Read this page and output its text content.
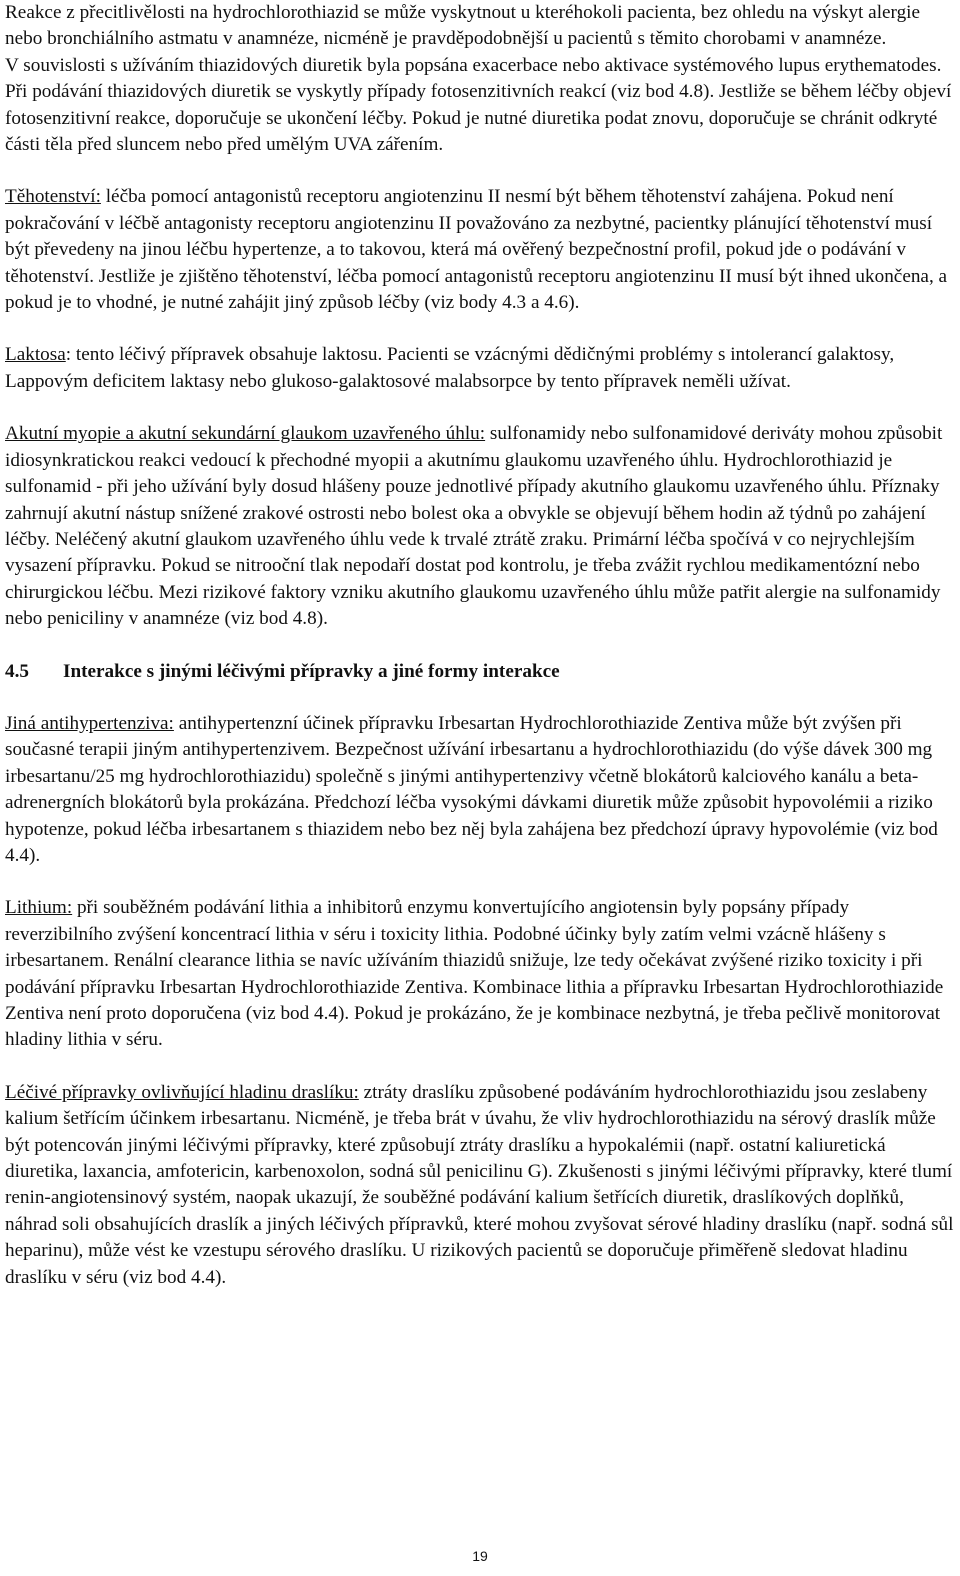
Reakce z přecitlivělosti na hydrochlorothiazid se může vyskytnout u kteréhokoli pacienta, bez ohledu na výskyt alergie nebo bronchiálního astmatu v anamnéze, nicméně je pravděpodobnější u pacientů s těmito chorobami v anamnéze.

V souvislosti s užíváním thiazidových diuretik byla popsána exacerbace nebo aktivace systémového lupus erythematodes.

Při podávání thiazidových diuretik se vyskytly případy fotosenzitivních reakcí (viz bod 4.8). Jestliže se během léčby objeví fotosenzitivní reakce, doporučuje se ukončení léčby. Pokud je nutné diuretika podat znovu, doporučuje se chránit odkryté části těla před sluncem nebo před umělým UVA zářením.

Těhotenství: léčba pomocí antagonistů receptoru angiotenzinu II nesmí být během těhotenství zahájena. Pokud není pokračování v léčbě antagonisty receptoru angiotenzinu II považováno za nezbytné, pacientky plánující těhotenství musí být převedeny na jinou léčbu hypertenze, a to takovou, která má ověřený bezpečnostní profil, pokud jde o podávání v těhotenství. Jestliže je zjištěno těhotenství, léčba pomocí antagonistů receptoru angiotenzinu II musí být ihned ukončena, a pokud je to vhodné, je nutné zahájit jiný způsob léčby (viz body 4.3 a 4.6).

Laktosa: tento léčivý přípravek obsahuje laktosu. Pacienti se vzácnými dědičnými problémy s intolerancí galaktosy, Lappovým deficitem laktasy nebo glukoso-galaktosové malabsorpce by tento přípravek neměli užívat.

Akutní myopie a akutní sekundární glaukom uzavřeného úhlu: sulfonamidy nebo sulfonamidové deriváty mohou způsobit idiosynkratickou reakci vedoucí k přechodné myopii a akutnímu glaukomu uzavřeného úhlu. Hydrochlorothiazid je sulfonamid - při jeho užívání byly dosud hlášeny pouze jednotlivé případy akutního glaukomu uzavřeného úhlu. Příznaky zahrnují akutní nástup snížené zrakové ostrosti nebo bolest oka a obvykle se objevují během hodin až týdnů po zahájení léčby. Neléčený akutní glaukom uzavřeného úhlu vede k trvalé ztrátě zraku. Primární léčba spočívá v co nejrychlejším vysazení přípravku. Pokud se nitrooční tlak nepodaří dostat pod kontrolu, je třeba zvážit rychlou medikamentózní nebo chirurgickou léčbu. Mezi rizikové faktory vzniku akutního glaukomu uzavřeného úhlu může patřit alergie na sulfonamidy nebo peniciliny v anamnéze (viz bod 4.8).

4.5 Interakce s jinými léčivými přípravky a jiné formy interakce

Jiná antihypertenziva: antihypertenzní účinek přípravku Irbesartan Hydrochlorothiazide Zentiva může být zvýšen při současné terapii jiným antihypertenzivem. Bezpečnost užívání irbesartanu a hydrochlorothiazidu (do výše dávek 300 mg irbesartanu/25 mg hydrochlorothiazidu) společně s jinými antihypertenzivy včetně blokátorů kalciového kanálu a beta-adrenergních blokátorů byla prokázána. Předchozí léčba vysokými dávkami diuretik může způsobit hypovolémii a riziko hypotenze, pokud léčba irbesartanem s thiazidem nebo bez něj byla zahájena bez předchozí úpravy hypovolémie (viz bod 4.4).

Lithium: při souběžném podávání lithia a inhibitorů enzymu konvertujícího angiotensin byly popsány případy reverzibilního zvýšení koncentrací lithia v séru i toxicity lithia. Podobné účinky byly zatím velmi vzácně hlášeny s irbesartanem. Renální clearance lithia se navíc užíváním thiazidů snižuje, lze tedy očekávat zvýšené riziko toxicity i při podávání přípravku Irbesartan Hydrochlorothiazide Zentiva. Kombinace lithia a přípravku Irbesartan Hydrochlorothiazide Zentiva není proto doporučena (viz bod 4.4). Pokud je prokázáno, že je kombinace nezbytná, je třeba pečlivě monitorovat hladiny lithia v séru.

Léčivé přípravky ovlivňující hladinu draslíku: ztráty draslíku způsobené podáváním hydrochlorothiazidu jsou zeslabeny kalium šetřícím účinkem irbesartanu. Nicméně, je třeba brát v úvahu, že vliv hydrochlorothiazidu na sérový draslík může být potencován jinými léčivými přípravky, které způsobují ztráty draslíku a hypokalémii (např. ostatní kaliuretická diuretika, laxancia, amfotericin, karbenoxolon, sodná sůl penicilinu G). Zkušenosti s jinými léčivými přípravky, které tlumí renin-angiotensinový systém, naopak ukazují, že souběžné podávání kalium šetřících diuretik, draslíkových doplňků, náhrad soli obsahujících draslík a jiných léčivých přípravků, které mohou zvyšovat sérové hladiny draslíku (např. sodná sůl heparinu), může vést ke vzestupu sérového draslíku. U rizikových pacientů se doporučuje přiměřeně sledovat hladinu draslíku v séru (viz bod 4.4).

19
